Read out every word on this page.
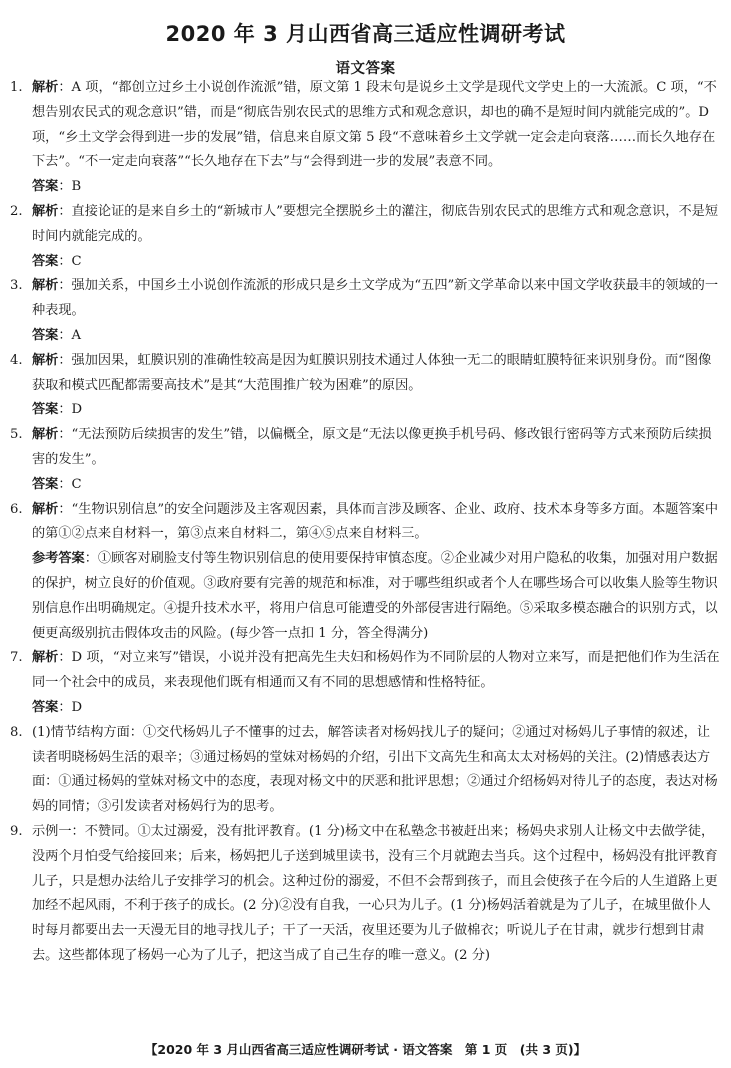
2020 年 3 月山西省高三适应性调研考试
语文答案
1. 解析：A 项，“都创立过乡土小说创作流派”错，原文第 1 段末句是说乡土文学是现代文学史上的一大流派。C 项，“不想告别农民式的观念意识”错，而是“彻底告别农民式的思维方式和观念意识，却也的确不是短时间内就能完成的”。D 项，“乡土文学会得到进一步的发展”错，信息来自原文第 5 段“不意味着乡土文学就一定会走向衰落……而长久地存在下去”。“不一定走向衰落”“长久地存在下去”与“会得到进一步的发展”表意不同。
答案：B
2. 解析：直接论证的是来自乡土的“新城市人”要想完全摆脱乡土的灌注，彻底告别农民式的思维方式和观念意识，不是短时间内就能完成的。
答案：C
3. 解析：强加关系，中国乡土小说创作流派的形成只是乡土文学成为“五四”新文学革命以来中国文学收获最丰的领域的一种表现。
答案：A
4. 解析：强加因果，虹膜识别的准确性较高是因为虹膜识别技术通过人体独一无二的眼睛虹膜特征来识别身份。而“图像获取和模式匹配都需要高技术”是其“大范围推广较为困难”的原因。
答案：D
5. 解析：“无法预防后续损害的发生”错，以偏概全，原文是“无法以像更换手机号码、修改银行密码等方式来预防后续损害的发生”。
答案：C
6. 解析：“生物识别信息”的安全问题涉及主客观因素，具体而言涉及顾客、企业、政府、技术本身等多方面。本题答案中的第①②点来自材料一，第③点来自材料二，第④⑤点来自材料三。
参考答案：①顾客对刷脸支付等生物识别信息的使用要保持审慎态度。②企业减少对用户隐私的收集，加强对用户数据的保护，树立良好的价值观。③政府要有完善的规范和标准，对于哪些组织或者个人在哪些场合可以收集人脸等生物识别信息作出明确规定。④提升技术水平，将用户信息可能遭受的外部侵害进行隔绝。⑤采取多模态融合的识别方式，以便更高级别抗击假体攻击的风险。(每少答一点扣 1 分，答全得满分)
7. 解析：D 项，“对立来写”错误，小说并没有把高先生夫妇和杨妈作为不同阶层的人物对立来写，而是把他们作为生活在同一个社会中的成员，来表现他们既有相通而又有不同的思想感情和性格特征。
答案：D
8. (1)情节结构方面：①交代杨妈儿子不懂事的过去，解答读者对杨妈找儿子的疑问；②通过对杨妈儿子事情的叙述，让读者明晓杨妈生活的艰辛；③通过杨妈的堂妹对杨妈的介绍，引出下文高先生和高太太对杨妈的关注。(2)情感表达方面：①通过杨妈的堂妹对杨文中的态度，表现对杨文中的厌恶和批评思想；②通过介绍杨妈对待儿子的态度，表达对杨妈的同情；③引发读者对杨妈行为的思考。
9. 示例一：不赞同。①太过溺爱，没有批评教育。(1 分)杨文中在私塾念书被赶出来；杨妈央求别人让杨文中去做学徒，没两个月怕受气给接回来；后来，杨妈把儿子送到城里读书，没有三个月就跑去当兵。这个过程中，杨妈没有批评教育儿子，只是想办法给儿子安排学习的机会。这种过份的溺爱，不但不会帮到孩子，而且会使孩子在今后的人生道路上更加经不起风雨，不利于孩子的成长。(2 分)②没有自我，一心只为儿子。(1 分)杨妈活着就是为了儿子，在城里做仆人时每月都要出去一天漫无目的地寻找儿子；干了一天活，夜里还要为儿子做棉衣；听说儿子在甘肃，就步行想到甘肃去。这些都体现了杨妈一心为了儿子，把这当成了自己生存的唯一意义。(2 分)
【2020 年 3 月山西省高三适应性调研考试 · 语文答案　第 1 页　(共 3 页)】
